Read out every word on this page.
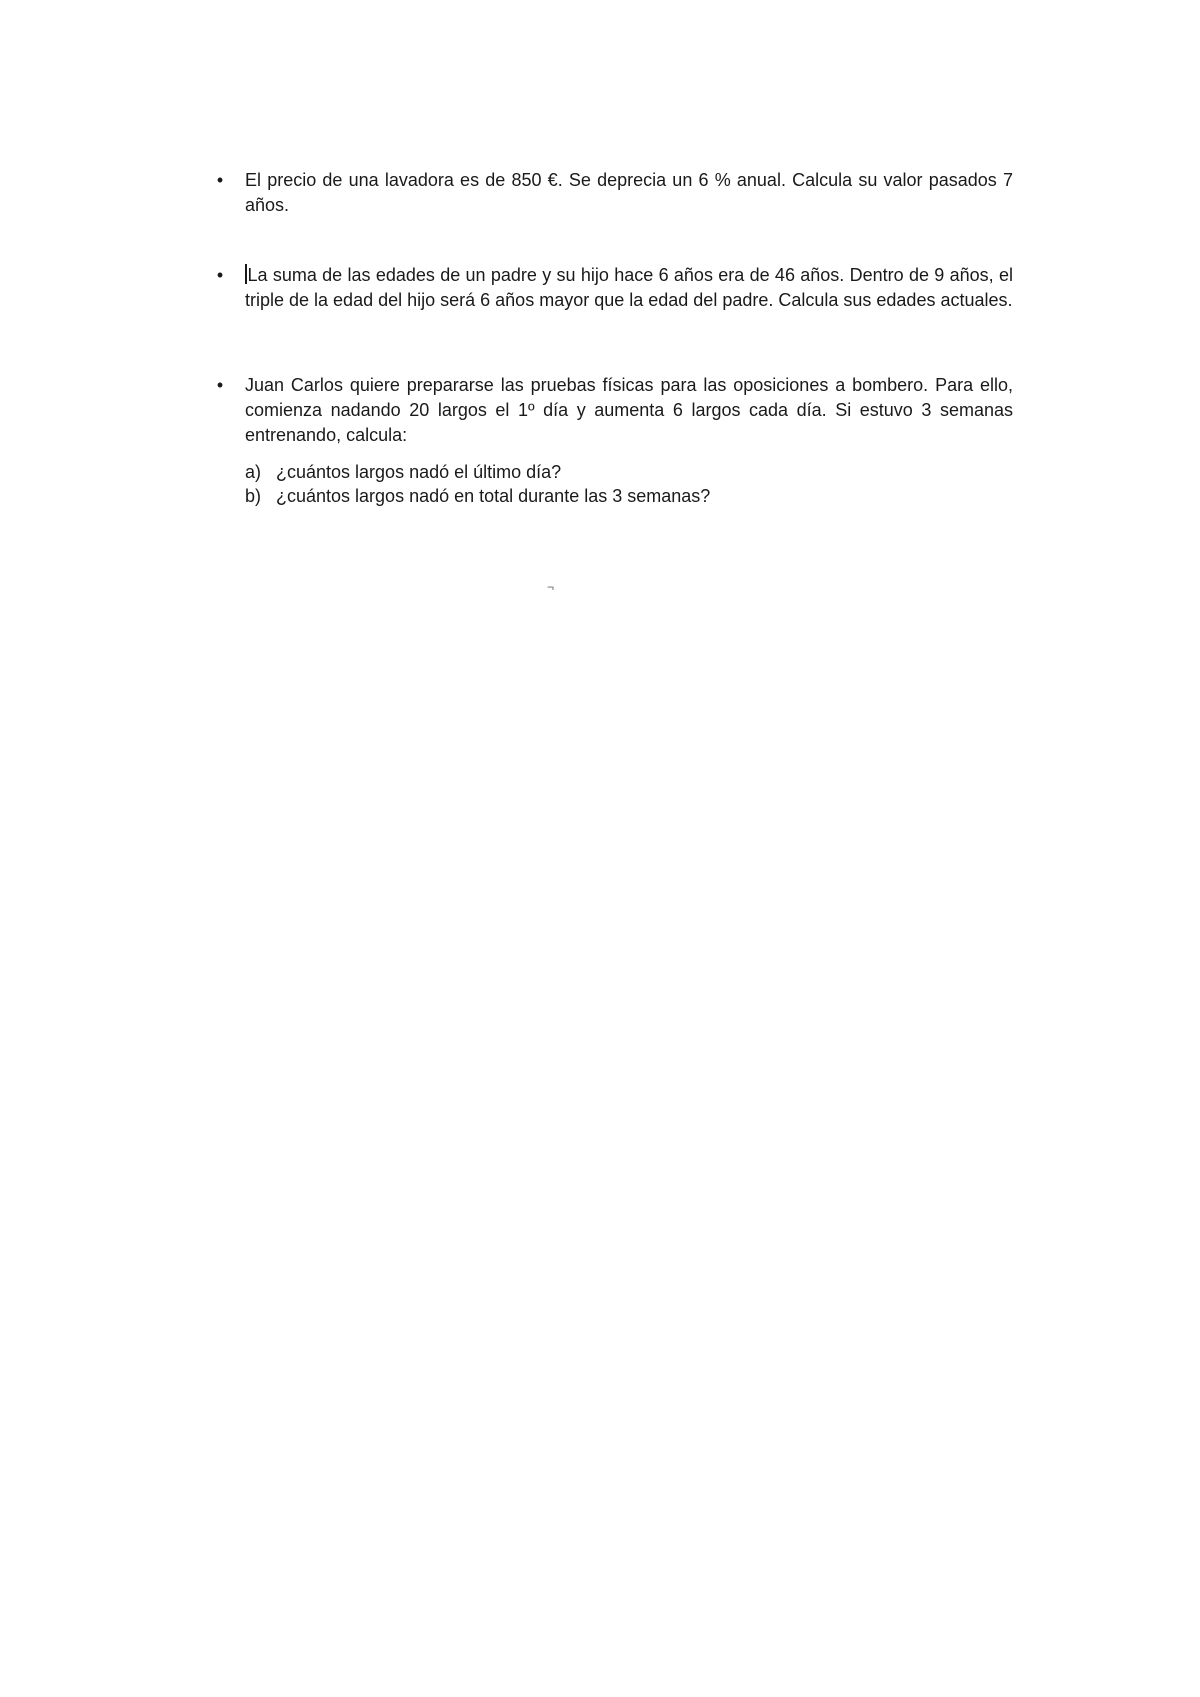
• El precio de una lavadora es de 850 €. Se deprecia un 6 % anual. Calcula su valor pasados 7 años.
• La suma de las edades de un padre y su hijo hace 6 años era de 46 años. Dentro de 9 años, el triple de la edad del hijo será 6 años mayor que la edad del padre. Calcula sus edades actuales.
• Juan Carlos quiere prepararse las pruebas físicas para las oposiciones a bombero. Para ello, comienza nadando 20 largos el 1º día y aumenta 6 largos cada día. Si estuvo 3 semanas entrenando, calcula:
a) ¿cuántos largos nadó el último día?
b) ¿cuántos largos nadó en total durante las 3 semanas?
¬
